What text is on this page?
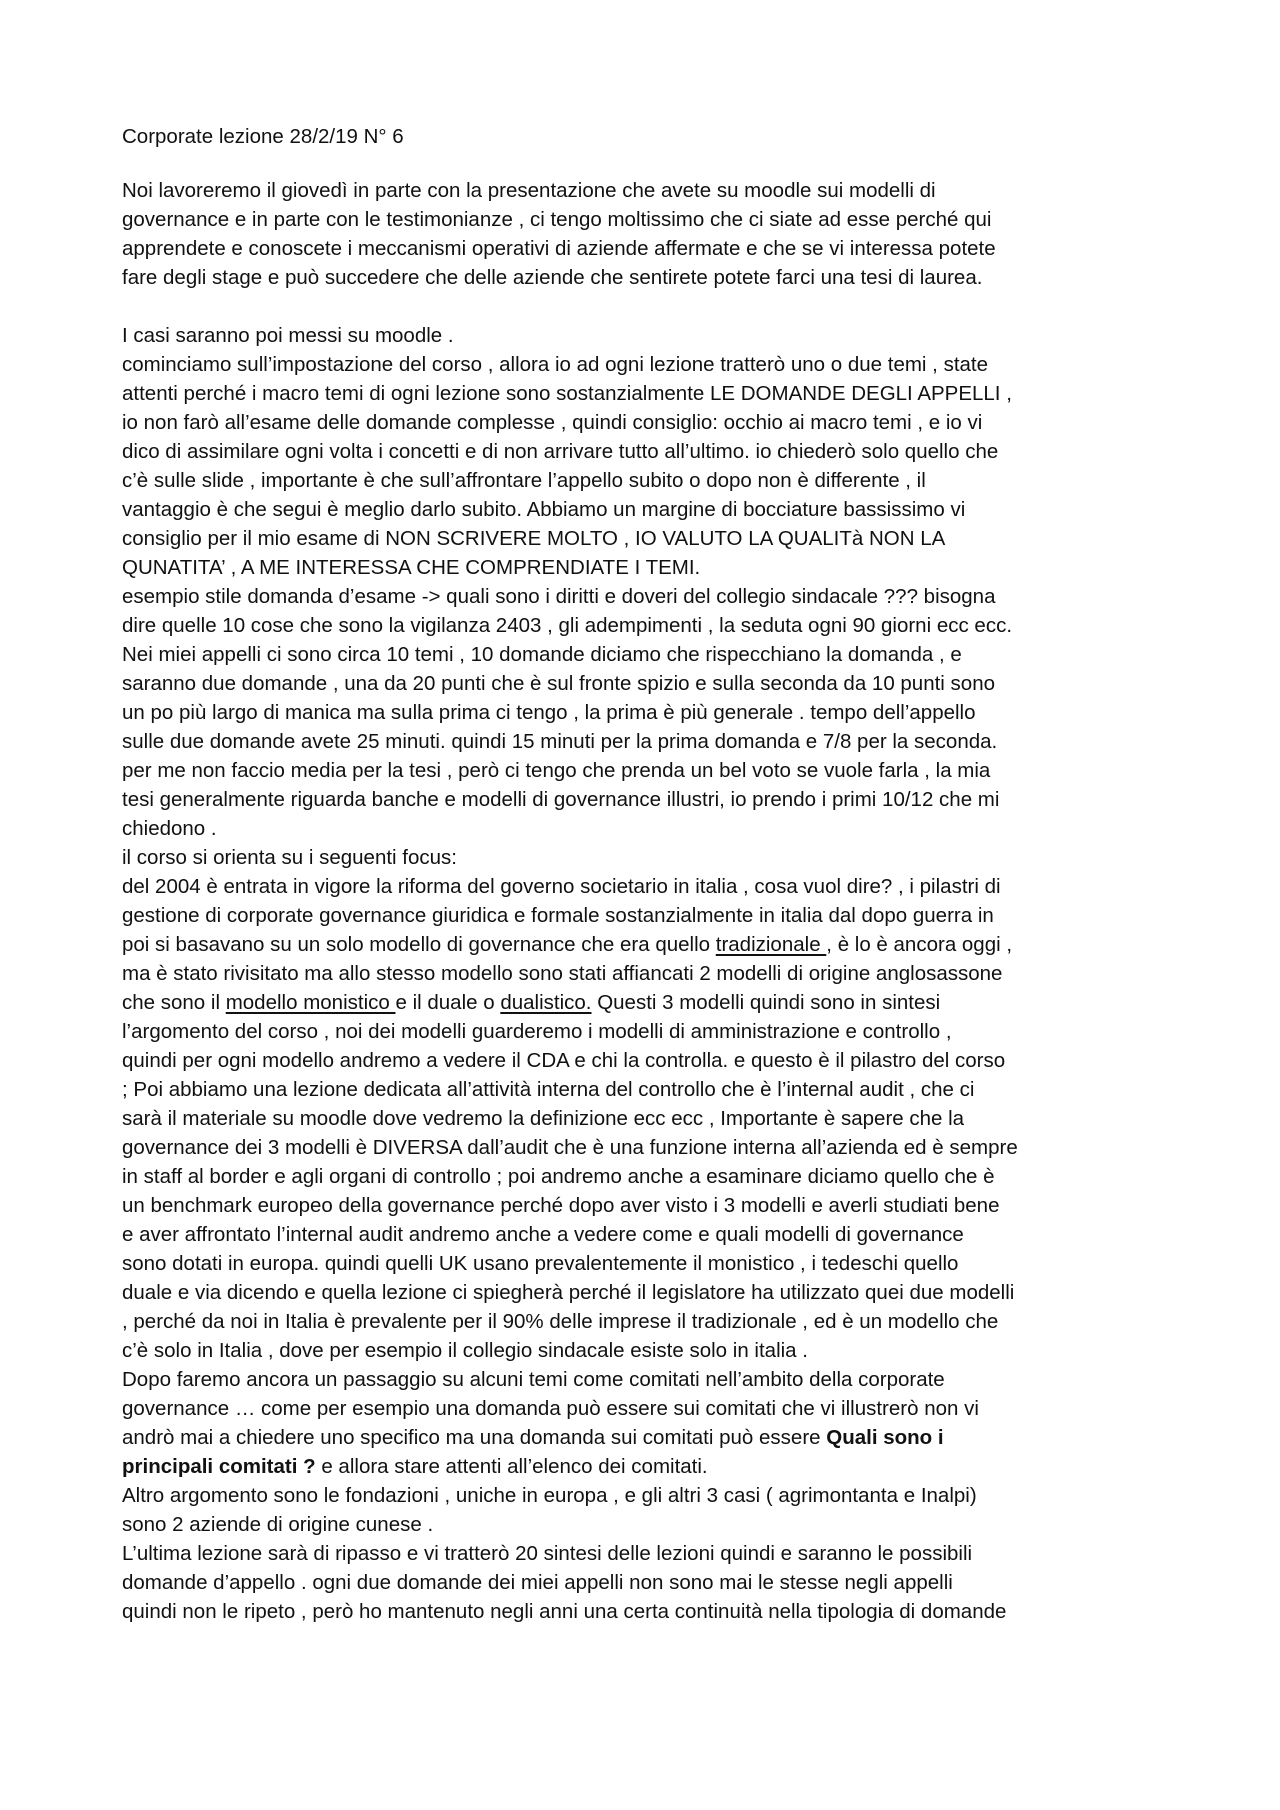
Corporate lezione 28/2/19 N° 6
Noi lavoreremo il giovedì in parte con la presentazione che avete su moodle sui modelli di
governance e in parte con le testimonianze , ci tengo moltissimo che ci siate ad esse perché qui
apprendete e conoscete i meccanismi operativi di aziende affermate e che se vi interessa potete
fare degli stage e può succedere che delle aziende che sentirete potete farci una tesi di laurea.
I casi saranno poi messi su moodle .
cominciamo sull’impostazione del corso , allora io ad ogni lezione tratterò uno o due temi , state
attenti perché i macro temi di ogni lezione sono sostanzialmente LE DOMANDE DEGLI APPELLI ,
io non farò all’esame delle domande complesse , quindi consiglio: occhio ai macro temi , e io vi
dico di assimilare ogni volta i concetti e di non arrivare tutto all’ultimo. io chiederò solo quello che
c’è sulle slide , importante è che sull’affrontare l’appello subito o dopo non è differente , il
vantaggio è che segui è meglio darlo subito. Abbiamo un margine di bocciature bassissimo vi
consiglio per il mio esame di NON SCRIVERE MOLTO , IO VALUTO LA QUALITà NON LA
QUNATITA’ , A ME INTERESSA CHE COMPRENDIATE I TEMI.
esempio stile domanda d’esame -> quali sono i diritti e doveri del collegio sindacale ??? bisogna
dire quelle 10 cose che sono la vigilanza 2403 , gli adempimenti , la seduta ogni 90 giorni ecc ecc.
Nei miei appelli ci sono circa 10 temi , 10 domande diciamo che rispecchiano la domanda , e
saranno due domande , una da 20 punti che è sul fronte spizio e sulla seconda da 10 punti sono
un po più largo di manica ma sulla prima ci tengo , la prima è più generale . tempo dell’appello
sulle due domande avete 25 minuti. quindi 15 minuti per la prima domanda e 7/8 per la seconda.
per me non faccio media per la tesi , però ci tengo che prenda un bel voto se vuole farla , la mia
tesi generalmente riguarda banche e modelli di governance illustri, io prendo i primi 10/12 che mi
chiedono .
il corso si orienta su i seguenti focus:
del 2004 è entrata in vigore la riforma del governo societario in italia , cosa vuol dire? , i pilastri di
gestione di corporate governance giuridica e formale sostanzialmente in italia dal dopo guerra in
poi si basavano su un solo modello di governance che era quello tradizionale , è lo è ancora oggi ,
ma è stato rivisitato ma allo stesso modello sono stati affiancati 2 modelli di origine anglosassone
che sono il modello monistico e il duale o dualistico. Questi 3 modelli quindi sono in sintesi
l’argomento del corso , noi dei modelli guarderemo i modelli di amministrazione e controllo ,
quindi per ogni modello andremo a vedere il CDA e chi la controlla. e questo è il pilastro del corso
; Poi abbiamo una lezione dedicata all’attività interna del controllo che è l’internal audit , che ci
sarà il materiale su moodle dove vedremo la definizione ecc ecc , Importante è sapere che la
governance dei 3 modelli è DIVERSA dall’audit che è una funzione interna all’azienda ed è sempre
in staff al border e agli organi di controllo ; poi andremo anche a esaminare diciamo quello che è
un benchmark europeo della governance perché dopo aver visto i 3 modelli e averli studiati bene
e aver affrontato l’internal audit andremo anche a vedere come e quali modelli di governance
sono dotati in europa. quindi quelli UK usano prevalentemente il monistico , i tedeschi quello
duale e via dicendo e quella lezione ci spiegherà perché il legislatore ha utilizzato quei due modelli
, perché da noi in Italia è prevalente per il 90% delle imprese il tradizionale , ed è un modello che
c’è solo in Italia , dove per esempio il collegio sindacale esiste solo in italia .
Dopo faremo ancora un passaggio su alcuni temi come comitati nell’ambito della corporate
governance … come per esempio una domanda può essere sui comitati che vi illustrerò non vi
andrò mai a chiedere uno specifico ma una domanda sui comitati può essere Quali sono i
principali comitati ? e allora stare attenti all’elenco dei comitati.
Altro argomento sono le fondazioni , uniche in europa , e gli altri 3 casi ( agrimontanta e Inalpi)
sono 2 aziende di origine cunese .
L’ultima lezione sarà di ripasso e vi tratterò 20 sintesi delle lezioni quindi e saranno le possibili
domande d’appello . ogni due domande dei miei appelli non sono mai le stesse negli appelli
quindi non le ripeto , però ho mantenuto negli anni una certa continuità nella tipologia di domande
